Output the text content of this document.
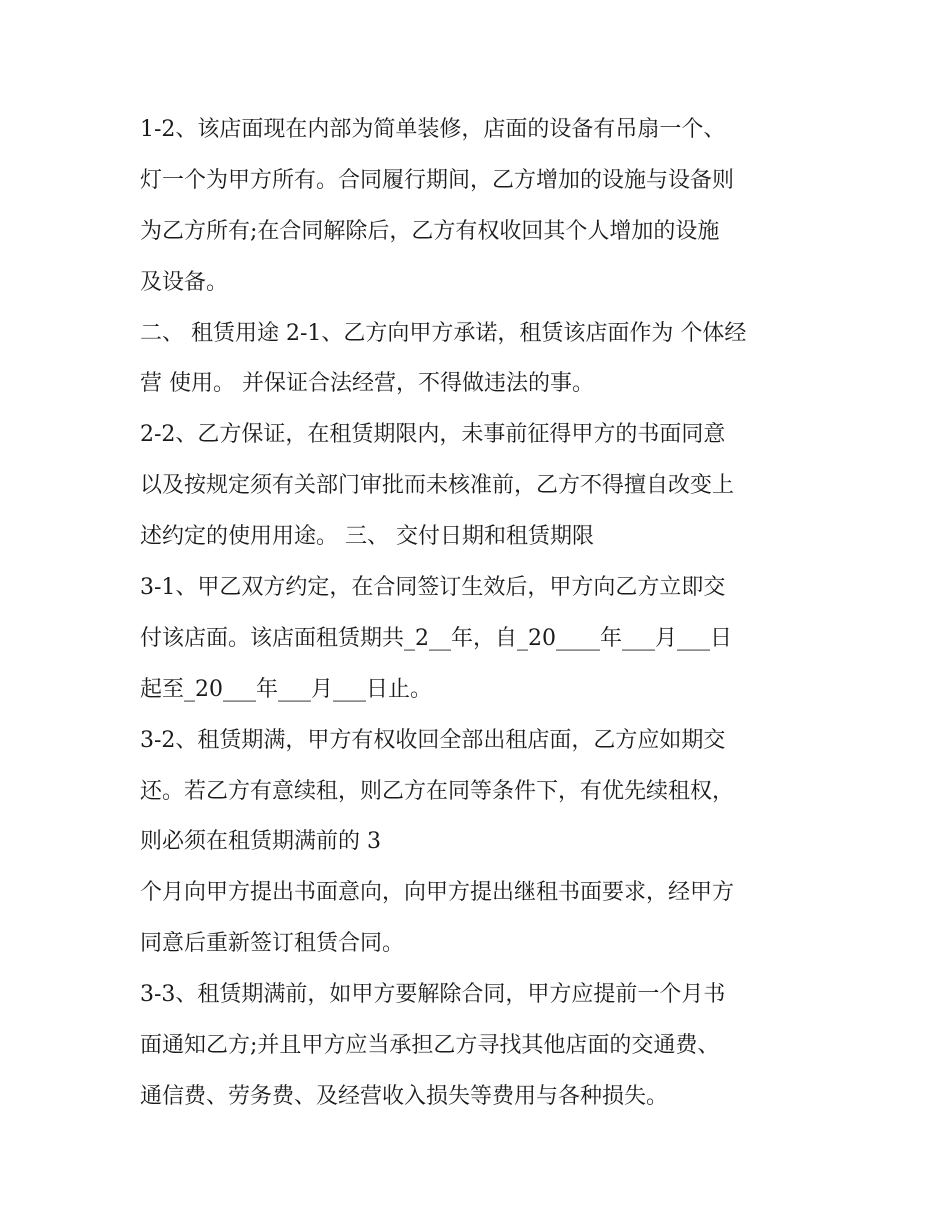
1-2、该店面现在内部为简单装修，店面的设备有吊扇一个、
灯一个为甲方所有。合同履行期间，乙方增加的设施与设备则
为乙方所有;在合同解除后，乙方有权收回其个人增加的设施
及设备。
二、 租赁用途 2-1、乙方向甲方承诺，租赁该店面作为 个体经
营 使用。 并保证合法经营，不得做违法的事。
2-2、乙方保证，在租赁期限内，未事前征得甲方的书面同意
以及按规定须有关部门审批而未核准前，乙方不得擅自改变上
述约定的使用用途。 三、 交付日期和租赁期限
3-1、甲乙双方约定，在合同签订生效后，甲方向乙方立即交
付该店面。该店面租赁期共_2__年，自_20____年___月___日
起至_20___年___月___日止。
3-2、租赁期满，甲方有权收回全部出租店面，乙方应如期交
还。若乙方有意续租，则乙方在同等条件下，有优先续租权，
则必须在租赁期满前的 3
个月向甲方提出书面意向，向甲方提出继租书面要求，经甲方
同意后重新签订租赁合同。
3-3、租赁期满前，如甲方要解除合同，甲方应提前一个月书
面通知乙方;并且甲方应当承担乙方寻找其他店面的交通费、
通信费、劳务费、及经营收入损失等费用与各种损失。
